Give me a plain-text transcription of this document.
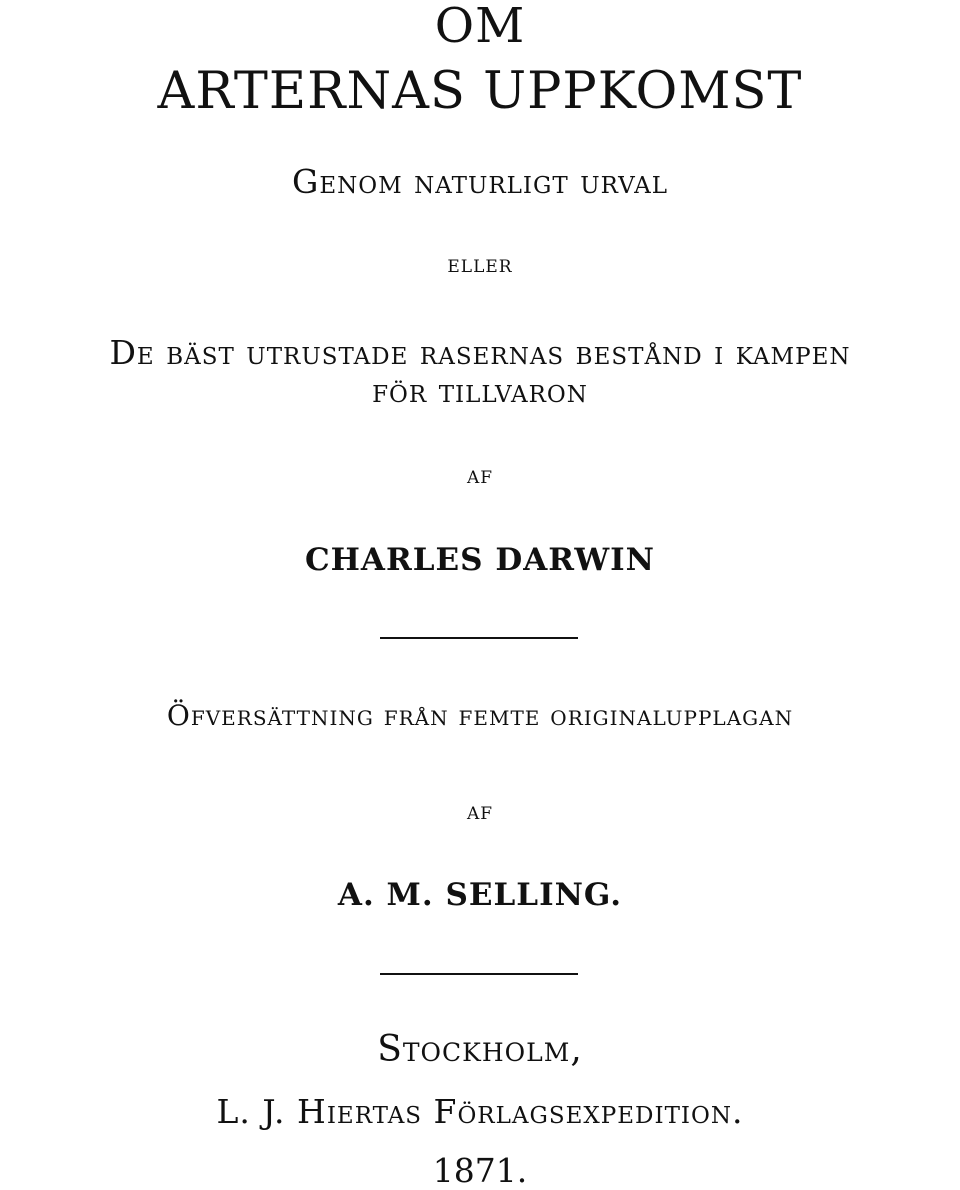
OM
ARTERNAS UPPKOMST
Genom naturligt urval
eller
De bäst utrustade rasernas bestånd i kampen
för tillvaron
af
CHARLES DARWIN
Öfversättning från femte originalupplagan
af
A. M. SELLING.
Stockholm,
L. J. Hiertas Förlagsexpedition.
1871.
